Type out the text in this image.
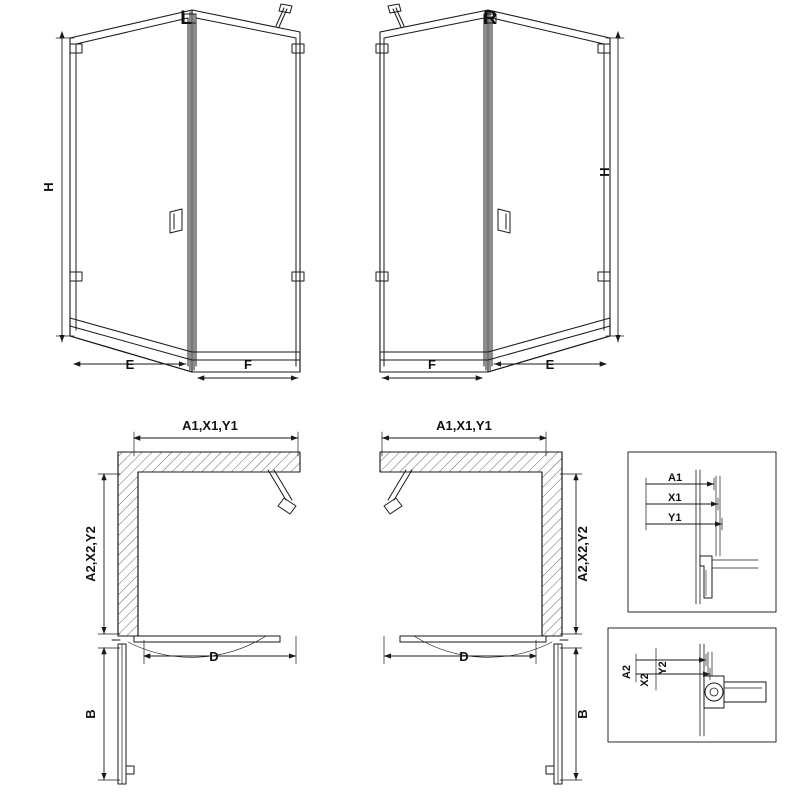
L	R
H
H
E	F	E
F
A1,X1,Y1	A1,X1,Y1
A2,X2,Y2	A2,X2,Y2
D	D
B	B
A1
X1
Y1
A2
X2
Y2
